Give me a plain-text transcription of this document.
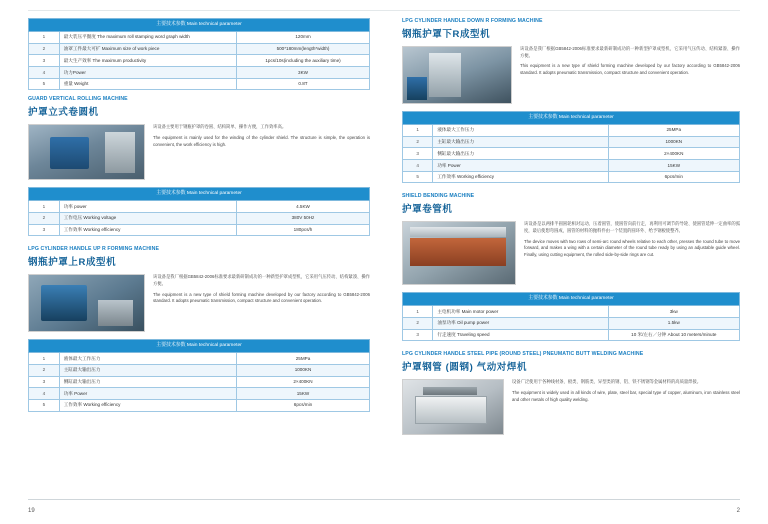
主要技术参数 Main technical parameter		
1	最大装压平圈度 The maximum roll stamping word graph width	120mm
2	油罩工件最大可扩 Maximum size of work piece	500*180mm(length*width)
3	最大生产效率 The maximum productivity	1pcs/10s(including the auxiliary time)
4	功力Power	3KW
5	重量 Weight	0.8T
GUARD VERTICAL ROLLING MACHINE
护罩立式卷圆机

该设备主要用于钢瓶护罩的卷圆、结构简单、操作方便，工作效率高。

The equipment is mainly used for the winding of the cylinder shield. The structure is simple, the operation is convenient, the work efficiency is high.

主要技术参数 Main technical parameter		
1	功率 power	4.5KW
2	工作电压 Working voltage	380V 50Hz
3	工作效率 Working efficiency	180pcs/h
LPG CYLINDER HANDLE UP R FORMING MACHINE
钢瓶护罩上R成型机

该设备是我厂根据GB5842-2006标准要求最新研制成功的一种新型护罩成型机，它采用气压传动、结构紧凑、操作方便。

The equipment is a new type of shield forming machine developed by our factory according to GB5842-2006 standard. It adopts pneumatic transmission, compact structure and convenient operation.

主要技术参数 Main technical parameter		
1	液体最大工作压力	25MPa
2	主缸最大输出压力	1000KN
3	侧缸最大输出压力	2×400KN
4	功率 Power	15KW
5	工作效率 Working efficiency	6pcs/min
19
LPG CYLINDER HANDLE DOWN R FORMING MACHINE
钢瓶护罩下R成型机

该设备是我厂根据GB5842-2006标准要求最新研制成功的一种新型护罩成型机，它采用气压传动、结构紧凑、操作方便。

This equipment is a new type of shield forming machine developed by our factory according to GB5842-2006 standard. It adopts pneumatic transmission, compact structure and convenient operation.

主要技术参数 Main technical parameter		
1	液体最大工作压力	25MPa
2	主缸最大输出压力	1000KN
3	侧缸最大输出压力	2×400KN
4	功率 Power	15KW
5	工作效率 Working efficiency	6pcs/min
SHIELD BENDING MACHINE
护罩卷管机

该设备是以两排半圆圆轮相对运动、压着圆管，使圆管向前行走，再利用可调节的导轮、使圆管延伸一定曲率的弧度，最后使想弯圆成，圆管的材料的抛料件由一个装置的圆环外、给予钢板使整齐。

The device moves with two rows of semi-arc round wheels relative to each other, presses the round tube to move forward, and makes a wing with a certain diameter of the round tube ready by using an adjustable guide wheel. Finally, using cutting equipment, the rolled side-by-side rings are cut.

主要技术参数 Main technical parameter		
1	主电机功率 Main motor power	3kw
2	油泵功率 Oil pump power	1.5kw
3	行走速度 Traveling speed	10 米/左右／分钟 About 10 meters/minute
LPG CYLINDER HANDLE STEEL PIPE (ROUND STEEL) PNEUMATIC BUTT WELDING MACHINE
护罩钢管 (圆钢) 气动对焊机

设备广泛使用于各种线材条、板类、钢筋类、异型类的钢、铝、铁不锈钢等金属材料的高质量焊接。

The equipment is widely used in all kinds of wire, plate, steel bar, special type of copper, aluminum, iron stainless steel and other metals of high quality welding.

2
